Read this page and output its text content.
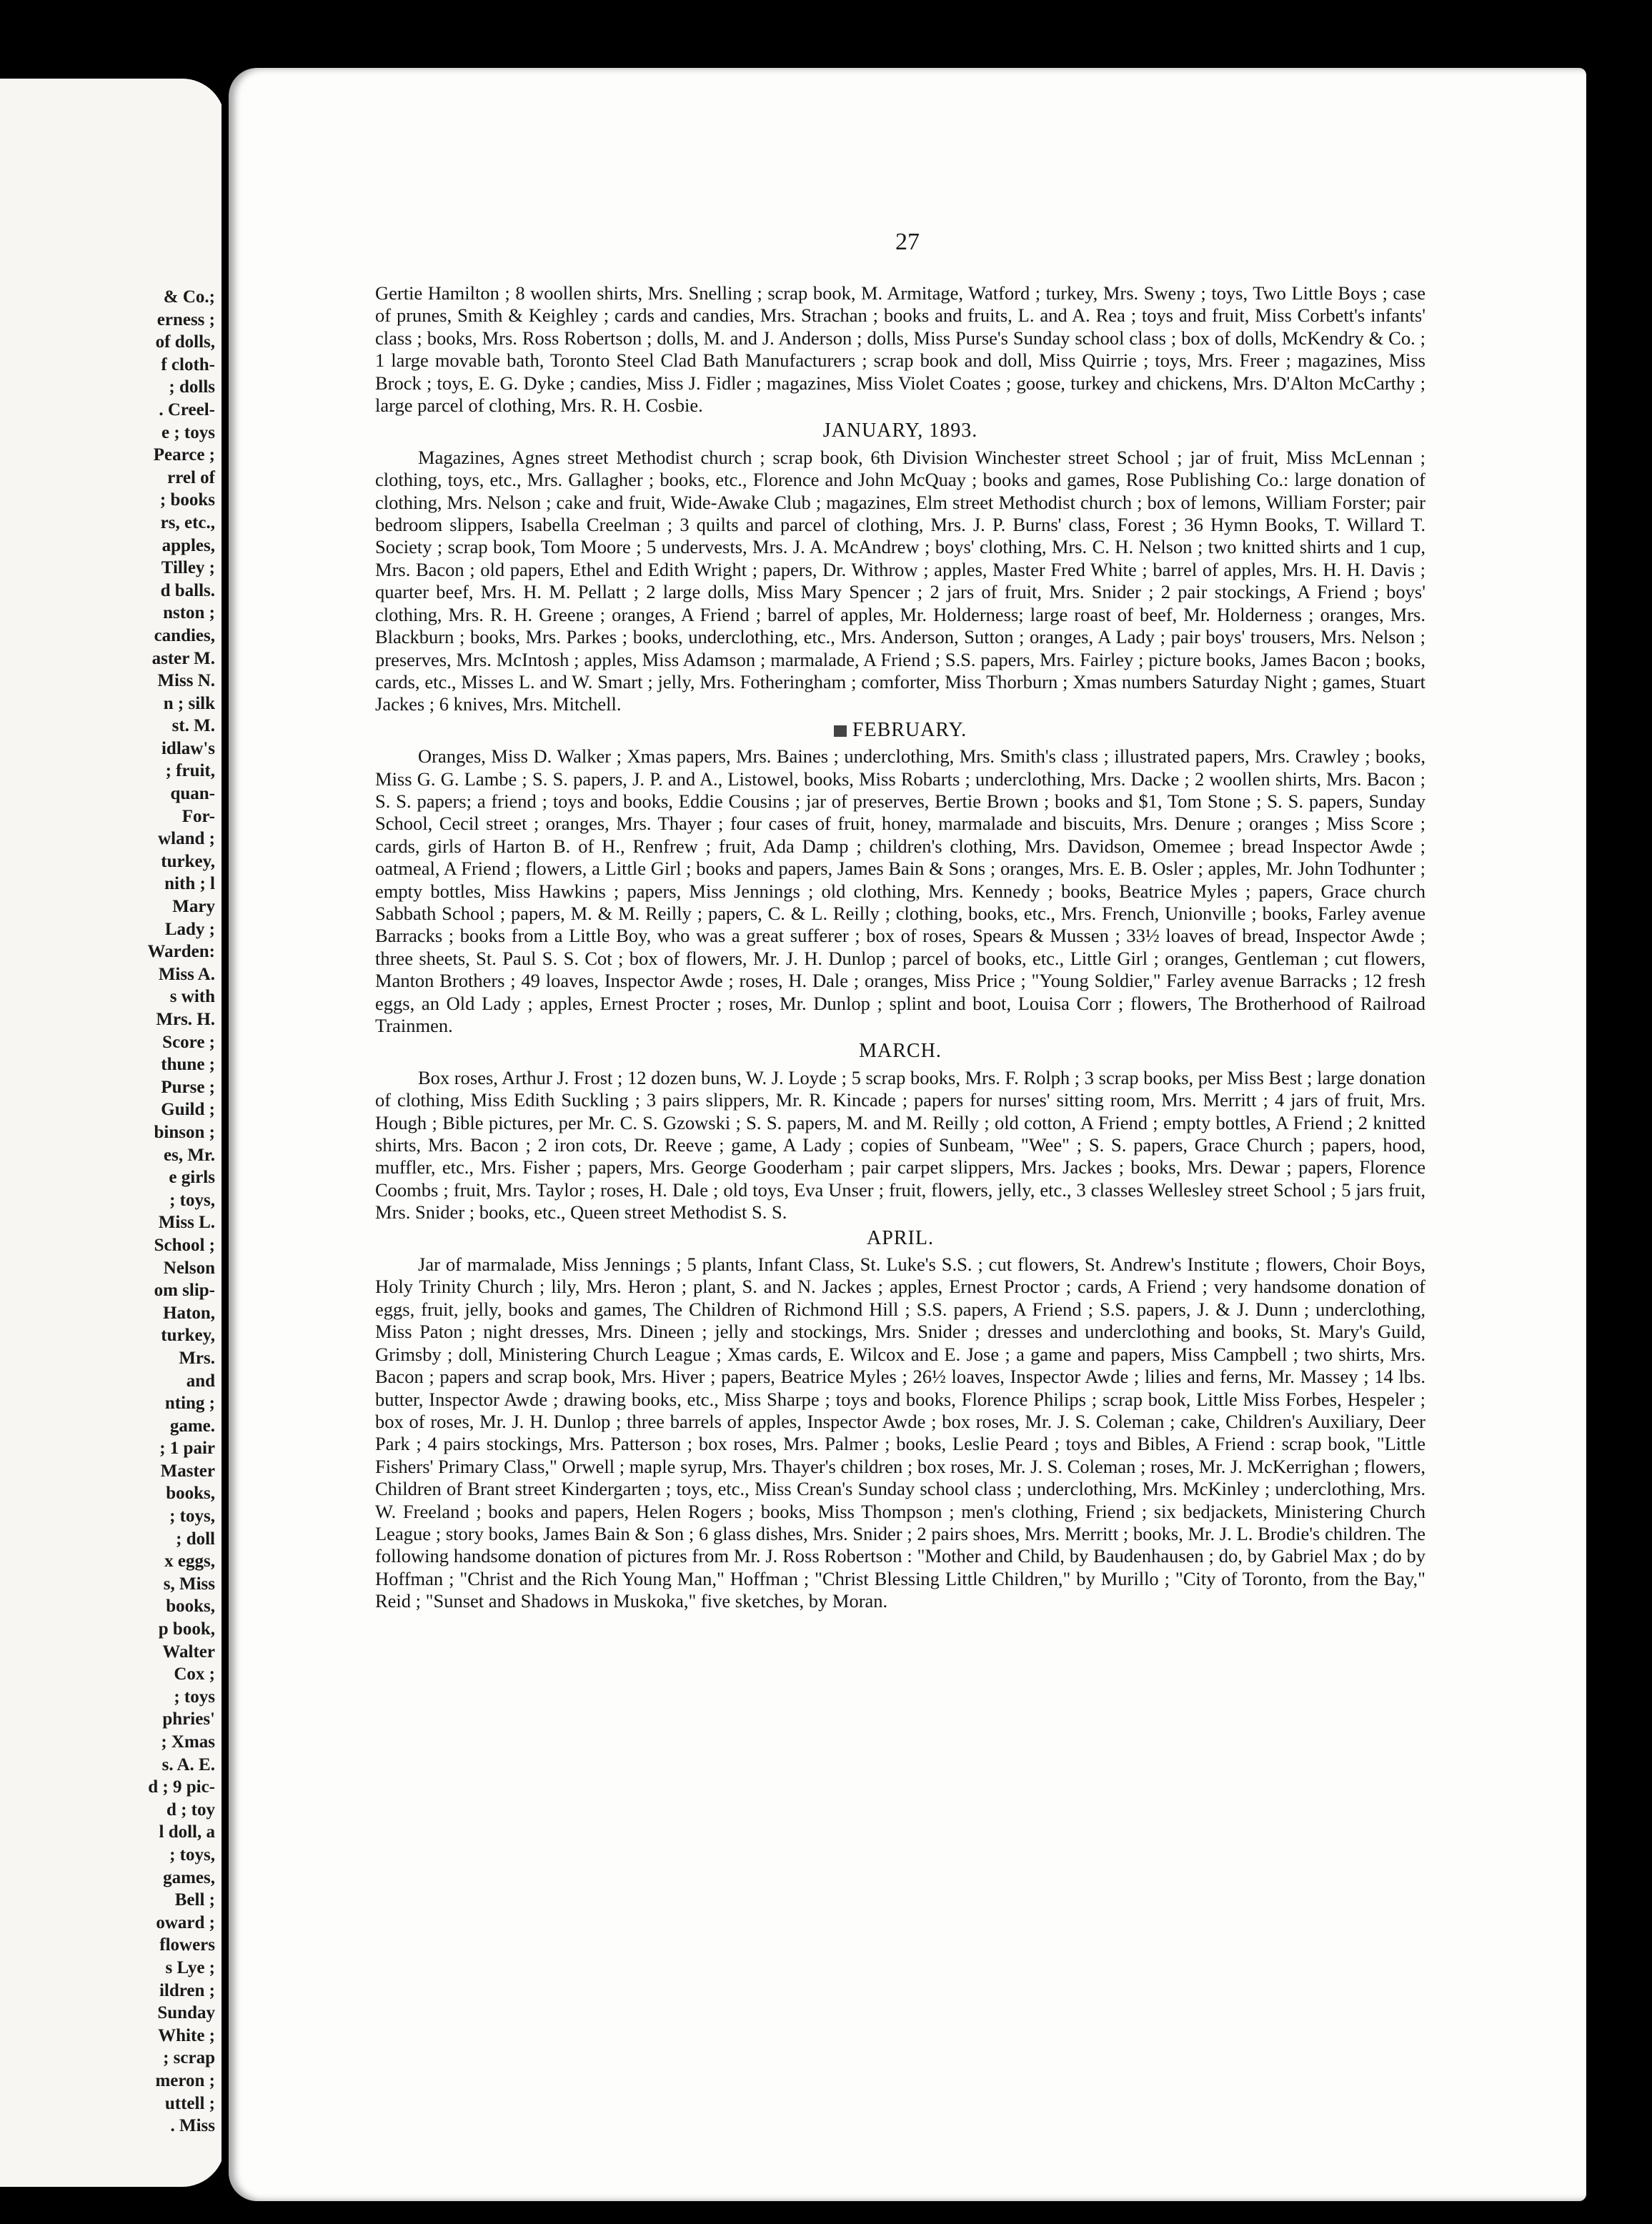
& Co.;
erness ;
of dolls,
f cloth-
; dolls
. Creel-
e ; toys
Pearce ;
rrel of
; books
rs, etc.,
apples,
Tilley ;
d balls.
nston ;
candies,
aster M.
Miss N.
n ; silk
st. M.
idlaw's
; fruit,
quan-
For-
wland ;
turkey,
nith ; l
Mary
Lady ;
Warden:
Miss A.
s with
Mrs. H.
Score ;
thune ;
Purse ;
Guild ;
binson ;
es, Mr.
e girls
; toys,
Miss L.
School ;
Nelson
om slip-
Haton,
turkey,
Mrs.
and
nting ;
game.
; 1 pair
Master
books,
; toys,
; doll
x eggs,
s, Miss
books,
p book,
Walter
Cox ;
; toys
phries'
; Xmas
s. A. E.
d ; 9 pic-
d ; toy
l doll, a
; toys,
games,
Bell ;
oward ;
flowers
s Lye ;
ildren ;
Sunday
White ;
; scrap
meron ;
uttell ;
. Miss
27

Gertie Hamilton ; 8 woollen shirts, Mrs. Snelling ; scrap book, M. Armitage, Watford ; turkey, Mrs. Sweny ; toys, Two Little Boys ; case of prunes, Smith & Keighley ; cards and candies, Mrs. Strachan ; books and fruits, L. and A. Rea ; toys and fruit, Miss Corbett's infants' class ; books, Mrs. Ross Robertson ; dolls, M. and J. Anderson ; dolls, Miss Purse's Sunday school class ; box of dolls, McKendry & Co. ; 1 large movable bath, Toronto Steel Clad Bath Manufacturers ; scrap book and doll, Miss Quirrie ; toys, Mrs. Freer ; magazines, Miss Brock ; toys, E. G. Dyke ; candies, Miss J. Fidler ; magazines, Miss Violet Coates ; goose, turkey and chickens, Mrs. D'Alton McCarthy ; large parcel of clothing, Mrs. R. H. Cosbie.

JANUARY, 1893.

Magazines, Agnes street Methodist church ; scrap book, 6th Division Winchester street School ; jar of fruit, Miss McLennan ; clothing, toys, etc., Mrs. Gallagher ; books, etc., Florence and John McQuay ; books and games, Rose Publishing Co.: large donation of clothing, Mrs. Nelson ; cake and fruit, Wide-Awake Club ; magazines, Elm street Methodist church ; box of lemons, William Forster; pair bedroom slippers, Isabella Creelman ; 3 quilts and parcel of clothing, Mrs. J. P. Burns' class, Forest ; 36 Hymn Books, T. Willard T. Society ; scrap book, Tom Moore ; 5 undervests, Mrs. J. A. McAndrew ; boys' clothing, Mrs. C. H. Nelson ; two knitted shirts and 1 cup, Mrs. Bacon ; old papers, Ethel and Edith Wright ; papers, Dr. Withrow ; apples, Master Fred White ; barrel of apples, Mrs. H. H. Davis ; quarter beef, Mrs. H. M. Pellatt ; 2 large dolls, Miss Mary Spencer ; 2 jars of fruit, Mrs. Snider ; 2 pair stockings, A Friend ; boys' clothing, Mrs. R. H. Greene ; oranges, A Friend ; barrel of apples, Mr. Holderness; large roast of beef, Mr. Holderness ; oranges, Mrs. Blackburn ; books, Mrs. Parkes ; books, underclothing, etc., Mrs. Anderson, Sutton ; oranges, A Lady ; pair boys' trousers, Mrs. Nelson ; preserves, Mrs. McIntosh ; apples, Miss Adamson ; marmalade, A Friend ; S.S. papers, Mrs. Fairley ; picture books, James Bacon ; books, cards, etc., Misses L. and W. Smart ; jelly, Mrs. Fotheringham ; comforter, Miss Thorburn ; Xmas numbers Saturday Night ; games, Stuart Jackes ; 6 knives, Mrs. Mitchell.

FEBRUARY.

Oranges, Miss D. Walker ; Xmas papers, Mrs. Baines ; underclothing, Mrs. Smith's class ; illustrated papers, Mrs. Crawley ; books, Miss G. G. Lambe ; S. S. papers, J. P. and A., Listowel, books, Miss Robarts ; underclothing, Mrs. Dacke ; 2 woollen shirts, Mrs. Bacon ; S. S. papers; a friend ; toys and books, Eddie Cousins ; jar of preserves, Bertie Brown ; books and $1, Tom Stone ; S. S. papers, Sunday School, Cecil street ; oranges, Mrs. Thayer ; four cases of fruit, honey, marmalade and biscuits, Mrs. Denure ; oranges ; Miss Score ; cards, girls of Harton B. of H., Renfrew ; fruit, Ada Damp ; children's clothing, Mrs. Davidson, Omemee ; bread Inspector Awde ; oatmeal, A Friend ; flowers, a Little Girl ; books and papers, James Bain & Sons ; oranges, Mrs. E. B. Osler ; apples, Mr. John Todhunter ; empty bottles, Miss Hawkins ; papers, Miss Jennings ; old clothing, Mrs. Kennedy ; books, Beatrice Myles ; papers, Grace church Sabbath School ; papers, M. & M. Reilly ; papers, C. & L. Reilly ; clothing, books, etc., Mrs. French, Unionville ; books, Farley avenue Barracks ; books from a Little Boy, who was a great sufferer ; box of roses, Spears & Mussen ; 33½ loaves of bread, Inspector Awde ; three sheets, St. Paul S. S. Cot ; box of flowers, Mr. J. H. Dunlop ; parcel of books, etc., Little Girl ; oranges, Gentleman ; cut flowers, Manton Brothers ; 49 loaves, Inspector Awde ; roses, H. Dale ; oranges, Miss Price ; "Young Soldier," Farley avenue Barracks ; 12 fresh eggs, an Old Lady ; apples, Ernest Procter ; roses, Mr. Dunlop ; splint and boot, Louisa Corr ; flowers, The Brotherhood of Railroad Trainmen.

MARCH.

Box roses, Arthur J. Frost ; 12 dozen buns, W. J. Loyde ; 5 scrap books, Mrs. F. Rolph ; 3 scrap books, per Miss Best ; large donation of clothing, Miss Edith Suckling ; 3 pairs slippers, Mr. R. Kincade ; papers for nurses' sitting room, Mrs. Merritt ; 4 jars of fruit, Mrs. Hough ; Bible pictures, per Mr. C. S. Gzowski ; S. S. papers, M. and M. Reilly ; old cotton, A Friend ; empty bottles, A Friend ; 2 knitted shirts, Mrs. Bacon ; 2 iron cots, Dr. Reeve ; game, A Lady ; copies of Sunbeam, "Wee" ; S. S. papers, Grace Church ; papers, hood, muffler, etc., Mrs. Fisher ; papers, Mrs. George Gooderham ; pair carpet slippers, Mrs. Jackes ; books, Mrs. Dewar ; papers, Florence Coombs ; fruit, Mrs. Taylor ; roses, H. Dale ; old toys, Eva Unser ; fruit, flowers, jelly, etc., 3 classes Wellesley street School ; 5 jars fruit, Mrs. Snider ; books, etc., Queen street Methodist S. S.

APRIL.

Jar of marmalade, Miss Jennings ; 5 plants, Infant Class, St. Luke's S.S. ; cut flowers, St. Andrew's Institute ; flowers, Choir Boys, Holy Trinity Church ; lily, Mrs. Heron ; plant, S. and N. Jackes ; apples, Ernest Proctor ; cards, A Friend ; very handsome donation of eggs, fruit, jelly, books and games, The Children of Richmond Hill ; S.S. papers, A Friend ; S.S. papers, J. & J. Dunn ; underclothing, Miss Paton ; night dresses, Mrs. Dineen ; jelly and stockings, Mrs. Snider ; dresses and underclothing and books, St. Mary's Guild, Grimsby ; doll, Ministering Church League ; Xmas cards, E. Wilcox and E. Jose ; a game and papers, Miss Campbell ; two shirts, Mrs. Bacon ; papers and scrap book, Mrs. Hiver ; papers, Beatrice Myles ; 26½ loaves, Inspector Awde ; lilies and ferns, Mr. Massey ; 14 lbs. butter, Inspector Awde ; drawing books, etc., Miss Sharpe ; toys and books, Florence Philips ; scrap book, Little Miss Forbes, Hespeler ; box of roses, Mr. J. H. Dunlop ; three barrels of apples, Inspector Awde ; box roses, Mr. J. S. Coleman ; cake, Children's Auxiliary, Deer Park ; 4 pairs stockings, Mrs. Patterson ; box roses, Mrs. Palmer ; books, Leslie Peard ; toys and Bibles, A Friend : scrap book, "Little Fishers' Primary Class," Orwell ; maple syrup, Mrs. Thayer's children ; box roses, Mr. J. S. Coleman ; roses, Mr. J. McKerrighan ; flowers, Children of Brant street Kindergarten ; toys, etc., Miss Crean's Sunday school class ; underclothing, Mrs. McKinley ; underclothing, Mrs. W. Freeland ; books and papers, Helen Rogers ; books, Miss Thompson ; men's clothing, Friend ; six bedjackets, Ministering Church League ; story books, James Bain & Son ; 6 glass dishes, Mrs. Snider ; 2 pairs shoes, Mrs. Merritt ; books, Mr. J. L. Brodie's children. The following handsome donation of pictures from Mr. J. Ross Robertson : "Mother and Child, by Baudenhausen ; do, by Gabriel Max ; do by Hoffman ; "Christ and the Rich Young Man," Hoffman ; "Christ Blessing Little Children," by Murillo ; "City of Toronto, from the Bay," Reid ; "Sunset and Shadows in Muskoka," five sketches, by Moran.
